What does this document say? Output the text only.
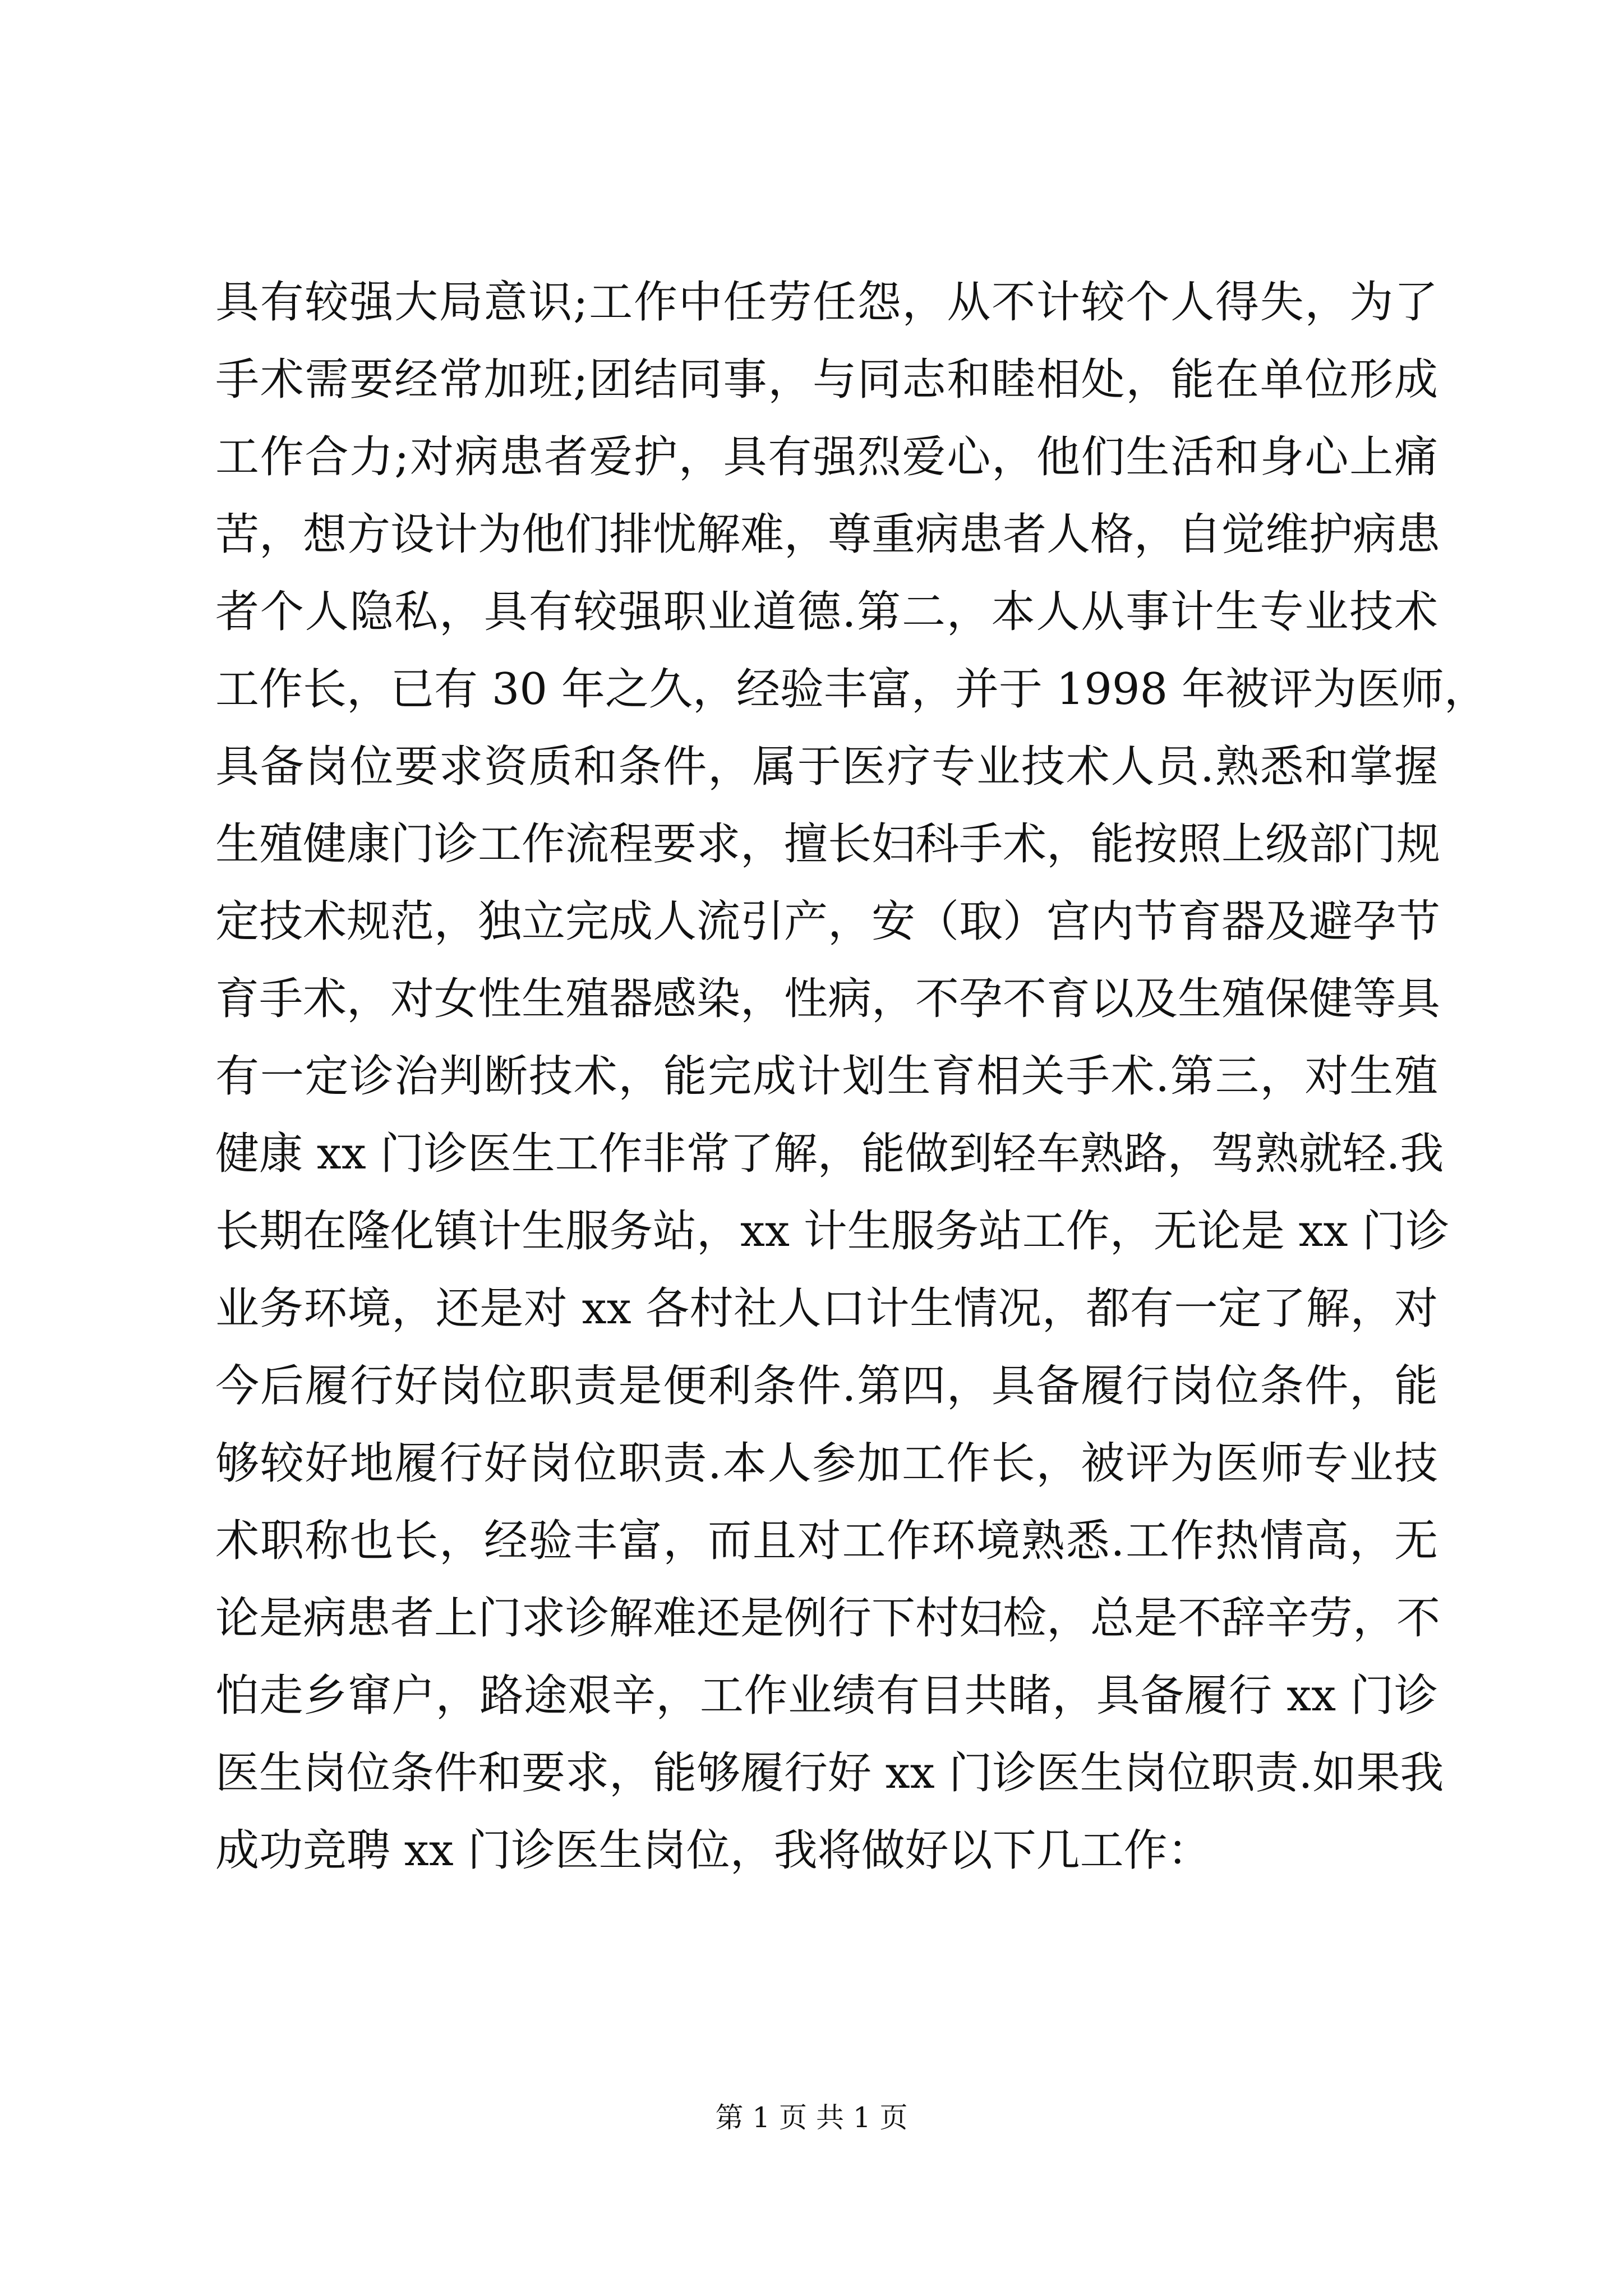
具有较强大局意识;工作中任劳任怨，从不计较个人得失，为了
手术需要经常加班;团结同事，与同志和睦相处，能在单位形成
工作合力;对病患者爱护，具有强烈爱心，他们生活和身心上痛
苦，想方设计为他们排忧解难，尊重病患者人格，自觉维护病患
者个人隐私，具有较强职业道德.第二，本人从事计生专业技术
工作长，已有 30 年之久，经验丰富，并于 1998 年被评为医师，
具备岗位要求资质和条件，属于医疗专业技术人员.熟悉和掌握
生殖健康门诊工作流程要求，擅长妇科手术，能按照上级部门规
定技术规范，独立完成人流引产，安（取）宫内节育器及避孕节
育手术，对女性生殖器感染，性病，不孕不育以及生殖保健等具
有一定诊治判断技术，能完成计划生育相关手术.第三，对生殖
健康 xx 门诊医生工作非常了解，能做到轻车熟路，驾熟就轻.我
长期在隆化镇计生服务站，xx 计生服务站工作，无论是 xx 门诊
业务环境，还是对 xx 各村社人口计生情况，都有一定了解，对
今后履行好岗位职责是便利条件.第四，具备履行岗位条件，能
够较好地履行好岗位职责.本人参加工作长，被评为医师专业技
术职称也长，经验丰富，而且对工作环境熟悉.工作热情高，无
论是病患者上门求诊解难还是例行下村妇检，总是不辞辛劳，不
怕走乡窜户，路途艰辛，工作业绩有目共睹，具备履行 xx 门诊
医生岗位条件和要求，能够履行好 xx 门诊医生岗位职责.如果我
成功竞聘 xx 门诊医生岗位，我将做好以下几工作：
第 1 页 共 1 页
